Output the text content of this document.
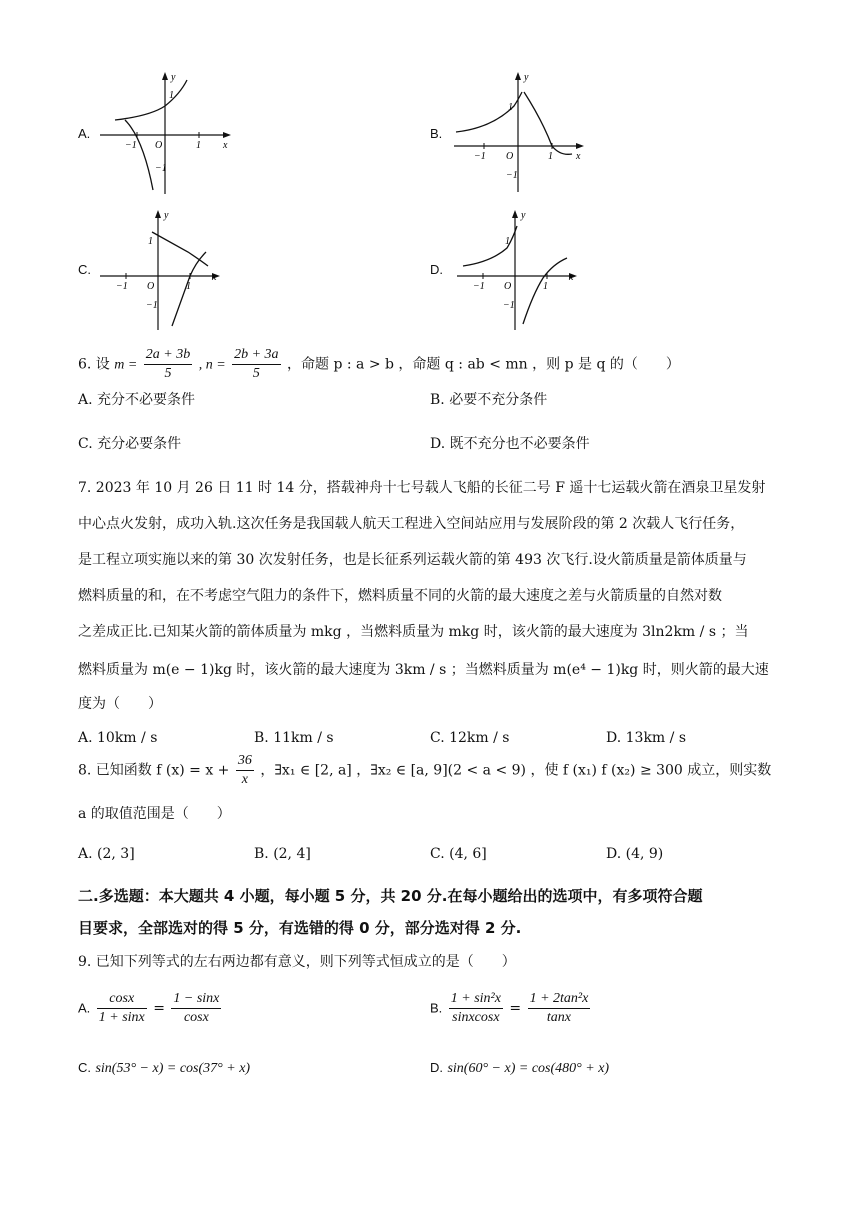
A.	B.
C.	D.
y
x
O
−1	1
1
−1
y
x
O
−1	1
1
−1
y
x
O
−1	1
1
−1
y
x
O
−1	1
1
−1
6. 设 $m = \frac{2a + 3b}{5}$ , $n = \frac{2b + 3a}{5}$ ，命题 p : a > b ，命题 q : ab < mn ，则 p 是 q 的（　　）
A. 充分不必要条件	B. 必要不充分条件
C. 充分必要条件	D. 既不充分也不必要条件
7. 2023 年 10 月 26 日 11 时 14 分，搭载神舟十七号载人飞船的长征二号 F 遥十七运载火箭在酒泉卫星发射
中心点火发射，成功入轨.这次任务是我国载人航天工程进入空间站应用与发展阶段的第 2 次载人飞行任务，
是工程立项实施以来的第 30 次发射任务，也是长征系列运载火箭的第 493 次飞行.设火箭质量是箭体质量与
燃料质量的和，在不考虑空气阻力的条件下，燃料质量不同的火箭的最大速度之差与火箭质量的自然对数
之差成正比.已知某火箭的箭体质量为 mkg ，当燃料质量为 mkg 时，该火箭的最大速度为 3ln2km / s ；当
燃料质量为 m(e − 1)kg 时，该火箭的最大速度为 3km / s ；当燃料质量为 m(e⁴ − 1)kg 时，则火箭的最大速
度为（　　）
A. 10km / s	B. 11km / s	C. 12km / s	D. 13km / s
8. 已知函数 f $(x) = x + \frac{36}{x}$ ，∃x₁ ∈ [2, a] ，∃x₂ ∈ [a, 9](2 < a < 9) ，使 f (x₁) f (x₂) ≥ 300 成立，则实数
a 的取值范围是（　　）
A. (2, 3]	B. (2, 4]	C. (4, 6]	D. (4, 9)
二.多选题：本大题共 4 小题，每小题 5 分，共 20 分.在每小题给出的选项中，有多项符合题
目要求，全部选对的得 5 分，有选错的得 0 分，部分选对得 2 分.
9. 已知下列等式的左右两边都有意义，则下列等式恒成立的是（　　）
A. $\frac{\cos x}{1 + \sin x} = \frac{1 - \sin x}{\cos x}$	B. $\frac{\text{1 + sin²x}}{\text{sinxcosx}} = \frac{\text{1 + 2tan²x}}{\tan x}$
C. sin(53° − x) = cos(37° + x)	D. sin(60° − x) = cos(480° + x)
